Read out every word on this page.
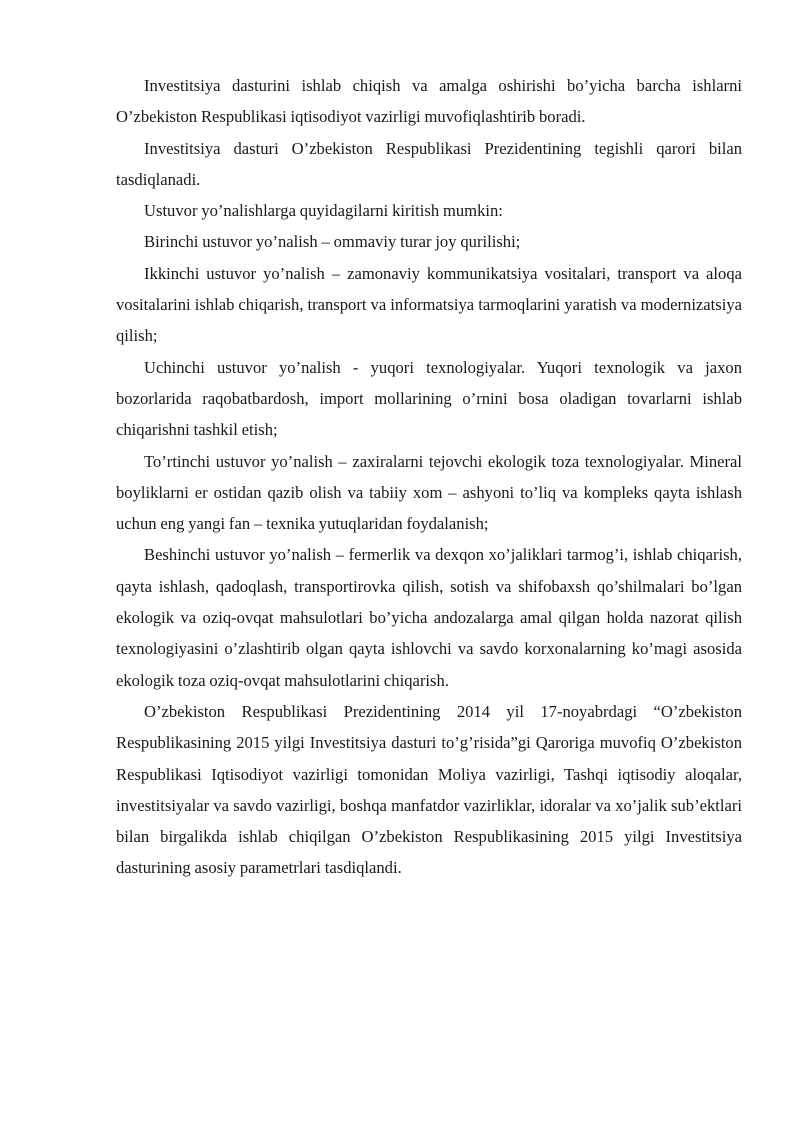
Investitsiya dasturini ishlab chiqish va amalga oshirishi bo’yicha barcha ishlarni O’zbekiston Respublikasi iqtisodiyot vazirligi muvofiqlashtirib boradi.

Investitsiya dasturi O’zbekiston Respublikasi Prezidentining tegishli qarori bilan tasdiqlanadi.

Ustuvor yo’nalishlarga quyidagilarni kiritish mumkin:

Birinchi ustuvor yo’nalish – ommaviy turar joy qurilishi;

Ikkinchi ustuvor yo’nalish – zamonaviy kommunikatsiya vositalari, transport va aloqa vositalarini ishlab chiqarish, transport va informatsiya tarmoqlarini yaratish va modernizatsiya qilish;

Uchinchi ustuvor yo’nalish - yuqori texnologiyalar. Yuqori texnologik va jaxon bozorlarida raqobatbardosh, import mollarining o’rnini bosa oladigan tovarlarni ishlab chiqarishni tashkil etish;

To’rtinchi ustuvor yo’nalish – zaxiralarni tejovchi ekologik toza texnologiyalar. Mineral boyliklarni er ostidan qazib olish va tabiiy xom – ashyoni to’liq va kompleks qayta ishlash uchun eng yangi fan – texnika yutuqlaridan foydalanish;

Beshinchi ustuvor yo’nalish – fermerlik va dexqon xo’jaliklari tarmog’i, ishlab chiqarish, qayta ishlash, qadoqlash, transportirovka qilish, sotish va shifobaxsh qo’shilmalari bo’lgan ekologik va oziq-ovqat mahsulotlari bo’yicha andozalarga amal qilgan holda nazorat qilish texnologiyasini o’zlashtirib olgan qayta ishlovchi va savdo korxonalarning ko’magi asosida ekologik toza oziq-ovqat mahsulotlarini chiqarish.

O’zbekiston Respublikasi Prezidentining 2014 yil 17-noyabrdagi “O’zbekiston Respublikasining 2015 yilgi Investitsiya dasturi to’g’risida”gi Qaroriga muvofiq O’zbekiston Respublikasi Iqtisodiyot vazirligi tomonidan Moliya vazirligi, Tashqi iqtisodiy aloqalar, investitsiyalar va savdo vazirligi, boshqa manfatdor vazirliklar, idoralar va xo’jalik sub’ektlari bilan birgalikda ishlab chiqilgan O’zbekiston Respublikasining 2015 yilgi Investitsiya dasturining asosiy parametrlari tasdiqlandi.
